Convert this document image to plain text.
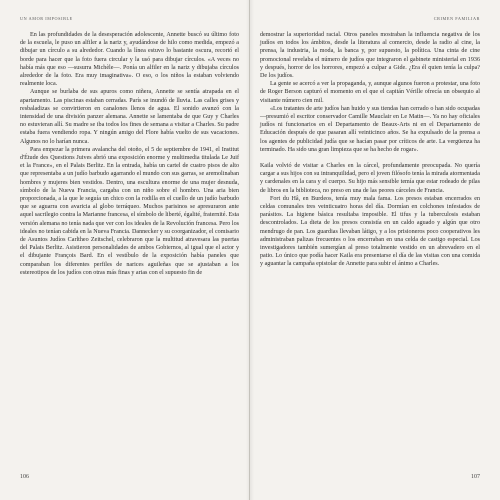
UN AMOR IMPOSIBLE

En las profundidades de la desesperación adolescente, Annette buscó su último foto de la escuela, le puso un alfiler a la nariz y, ayudándose de hilo como medida, empezó a dibujar un círculo a su alrededor. Cuando la línea estuvo lo bastante oscura, recortó el borde para hacer que la foto fuera circular y la usó para dibujar círculos. «A veces no había más que eso —susurra Michèle—. Ponía un alfiler en la nariz y dibujaba círculos alrededor de la foto. Era muy imaginativa». O eso, o los niños la estaban volviendo realmente loca.

Aunque se burlaba de sus apuros como niñera, Annette se sentía atrapada en el apartamento. Las piscinas estaban cerradas. París se inundó de lluvia. Las calles grises y resbaladizas se convirtieron en canalones llenos de agua. El sonido avanzó con la intensidad de una división panzer alemana. Annette se lamentaba de que Guy y Charles no estuvieran allí. Su madre se iba todos los fines de semana a visitar a Charles. Su padre estaba fuera vendiendo ropa. Y ningún amigo del Flore había vuelto de sus vacaciones. Algunos no lo harían nunca.

Para empezar la primera avalancha del otoño, el 5 de septiembre de 1941, el Institut d'Étude des Questions Juives abrió una exposición enorme y multimedia titulada Le Juif et la France», en el Palais Berlitz. En la entrada, había un cartel de cuatro pisos de alto que representaba a un judío barbudo agarrando el mundo con sus garras, se aremolinaban hombres y mujeres bien vestidos. Dentro, una escultura enorme de una mujer desnuda, símbolo de la Nueva Francia, cargaba con un niño sobre el hombro. Una aria bien proporcionada, a la que le seguía un chico con la rodilla en el cuello de un judío barbudo que se aguarra con avaricia al globo terráqueo. Muchos parisinos se apresuraron ante aquel sacrilegio contra la Marianne francesa, el símbolo de liberté, égalité, fraternité. Esta versión alemana no tenía nada que ver con los ideales de la Revolución francesa. Pero los ideales no tenían cabida en la Nueva Francia. Dannecker y su coorganizador, el comisario de Asuntos Judíos Carltheo Zeitschel, celebraron que la multitud atravesara las puertas del Palais Berlitz. Asistieron personalidades de ambos Gobiernos, al igual que el actor y el dibujante François Bard. En el vestíbulo de la exposición había paneles que comparaban los diferentes perfiles de narices aguileñas que se ajustaban a los estereotipos de los judíos con otras más finas y arias con el supuesto fin de

106
CRIMEN FAMILIAR

demostrar la superioridad racial. Otros paneles mostraban la influencia negativa de los judíos en todos los ámbitos, desde la literatura al comercio, desde la radio al cine, la prensa, la industria, la moda, la banca y, por supuesto, la política. Una cinta de cine promocional revelaba el número de judíos que integraron el gabinete ministerial en 1936 y después, horror de los horrores, empezó a culpar a Gide. ¿Era él quien tenía la culpa? De los judíos.

La gente se acercó a ver la propaganda, y, aunque algunos fueron a protestar, una foto de Roger Berson capturó el momento en el que el capitán Vérille ofrecía un obsequio al visitante número cien mil.

«Los tratantes de arte judíos han huido y sus tiendas han cerrado o han sido ocupadas —presumió el escritor conservador Camille Mauclair en Le Matin—. Ya no hay oficiales judíos ni funcionarios en el Departamento de Beaux-Arts ni en el Departamento de Educación después de que pasaran allí veinticinco años. Se ha expulsado de la prensa a los agentes de publicidad judía que se hacían pasar por críticos de arte. La vergüenza ha terminado. Ha sido una gran limpieza que se ha hecho de rogar».

Kaila volvió de visitar a Charles en la cárcel, profundamente preocupada. No quería cargar a sus hijos con su intranquilidad, pero el joven filósofo tenía la mirada atormentada y cardenales en la cara y el cuerpo. Su hijo más sensible temía que estar rodeado de pilas de libros en la biblioteca, no preso en una de las peores cárceles de Francia.

Fort du Hâ, en Burdeos, tenía muy mala fama. Los presos estaban encerrados en celdas comunales tres veinticuatro horas del día. Dormían en colchones infestados de parásitos. La higiene básica resultaba imposible. El tifus y la tuberculosis estaban descontrolados. La dieta de los presos consistía en un caldo aguado y algún que otro mendrugo de pan. Los guardias llevaban látigo, y a los prisioneros poco cooperativos les administraban palizas frecuentes o los encerraban en una celda de castigo especial. Los investigadores también sumergían al preso totalmente vestido en un abrevadero en el patio. Lo único que podía hacer Kaila era presentarse el día de las visitas con una comida y aguantar la campaña epistolar de Annette para subir el ánimo a Charles.

107
